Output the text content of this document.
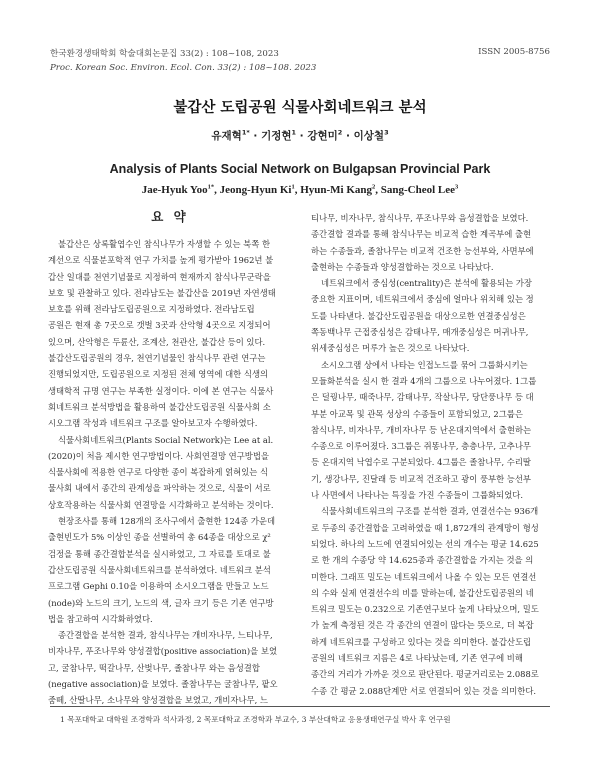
한국환경생태학회 학술대회논문집 33(2) : 108~108, 2023
Proc. Korean Soc. Environ. Ecol. Con. 33(2) : 108~108. 2023
ISSN 2005-8756
불갑산 도립공원 식물사회네트워크 분석
유재혁$^{1*}$ · 기정현$^1$ · 강현미$^2$ · 이상철$^3$
Analysis of Plants Social Network on Bulgapsan Provincial Park
Jae-Hyuk Yoo$^{1*}$, Jeong-Hyun Ki$^1$, Hyun-Mi Kang$^2$, Sang-Cheol Lee$^3$
요 약
불갑산은 상록활엽수인 참식나무가 자생할 수 있는 북쪽 한
계선으로 식물분포학적 연구 가치를 높게 평가받아 1962년 불
갑산 일대를 천연기념물로 지정하여 현재까지 참식나무군락을
보호 및 관찰하고 있다. 전라남도는 불갑산을 2019년 자연생태
보호를 위해 전라남도립공원으로 지정하였다. 전라남도립
공원은 현재 총 7곳으로 갯벌 3곳과 산악형 4곳으로 지정되어
있으며, 산악형은 두륜산, 조계산, 천관산, 불갑산 등이 있다.
불갑산도립공원의 경우, 천연기념물인 참식나무 관련 연구는
진행되었지만, 도립공원으로 지정된 전체 영역에 대한 식생의
생태학적 규명 연구는 부족한 실정이다. 이에 본 연구는 식물사
회네트워크 분석방법을 활용하여 불갑산도립공원 식물사회 소
시오그램 작성과 네트워크 구조를 알아보고자 수행하였다.
식물사회네트워크(Plants Social Network)는 Lee at al.
(2020)이 처음 제시한 연구방법이다. 사회연결망 연구방법을
식물사회에 적용한 연구로 다양한 종이 복잡하게 얽혀있는 식
물사회 내에서 종간의 관계성을 파악하는 것으로, 식물이 서로
상호작용하는 식물사회 연결망을 시각화하고 분석하는 것이다.
현장조사를 통해 128개의 조사구에서 출현한 124종 가운데
출현빈도가 5% 이상인 종을 선별하여 총 64종을 대상으로 χ²
검정을 통해 종간결합분석을 실시하였고, 그 자료를 토대로 불
갑산도립공원 식물사회네트워크를 분석하였다. 네트워크 분석
프로그램 Gephi 0.10을 이용하여 소시오그램을 만들고 노드
(node)와 노드의 크기, 노드의 색, 글자 크기 등은 기존 연구방
법을 참고하여 시각화하였다.
종간결합을 분석한 결과, 참식나무는 개비자나무, 느티나무,
비자나무, 푸조나무와 양성결합(positive association)을 보였
고, 굴참나무, 떡갈나무, 산벚나무, 졸참나무 와는 음성결합
(negative association)을 보였다. 졸참나무는 굴참나무, 팥오
줌떼, 산딸나무, 소나무와 양성결합을 보였고, 개비자나무, 느
티나무, 비자나무, 참식나무, 푸조나무와 음성결합을 보였다.
종간결합 결과를 통해 참식나무는 비교적 습한 계곡부에 출현
하는 수종들과, 졸참나무는 비교적 건조한 능선부와, 사면부에
출현하는 수종들과 양성결합하는 것으로 나타났다.
네트워크에서 중심성(centrality)은 분석에 활용되는 가장
중요한 지표이며, 네트워크에서 중심에 얼마나 위치해 있는 정
도를 나타낸다. 불갑산도립공원을 대상으로한 연결중심성은
쪽동백나무 근접중심성은 감태나무, 매개중심성은 머귀나무,
위세중심성은 머루가 높은 것으로 나타났다.
소시오그램 상에서 나타는 인접노드를 묶어 그룹화시키는
모듈화분석을 실시 한 결과 4개의 그룹으로 나누어졌다. 1그룹
은 덜꿩나무, 때죽나무, 감태나무, 작살나무, 당단풍나무 등 대
부분 아교목 및 관목 성상의 수종들이 포함되었고, 2그룹은
참식나무, 비자나무, 개비자나무 등 난온대지역에서 출현하는
수종으로 이루어졌다. 3그룹은 쥐똥나무, 층층나무, 고추나무
등 온대지역 낙엽수로 구분되었다. 4그룹은 졸참나무, 수리딸
기, 생강나무, 진달래 등 비교적 건조하고 광이 풍부한 능선부
나 사면에서 나타나는 특징을 가진 수종들이 그룹화되었다.
식물사회네트워크의 구조를 분석한 결과, 연결선수는 936개
로 두종의 종간결합을 고려하였을 때 1,872개의 관계망이 형성
되었다. 하나의 노드에 연결되어있는 선의 개수는 평균 14.625
로 한 개의 수종당 약 14.625종과 종간결합을 가지는 것을 의
미한다. 그래프 밀도는 네트워크에서 나올 수 있는 모든 연결선
의 수와 실제 연결선수의 비를 말하는데, 불갑산도립공원의 네
트워크 밀도는 0.232으로 기존연구보다 높게 나타났으며, 밀도
가 높게 측정된 것은 각 종간의 연결이 많다는 뜻으로, 더 복잡
하게 네트워크를 구성하고 있다는 것을 의미한다. 불갑산도립
공원의 네트워크 지름은 4로 나타났는데, 기존 연구에 비해
종간의 거리가 가까운 것으로 판단된다. 평균거리로는 2.088로
수종 간 평균 2.088단계만 서로 연결되어 있는 것을 의미한다.
1 목포대학교 대학원 조경학과 석사과정, 2 목포대학교 조경학과 부교수, 3 부산대학교 응용생태연구실 박사 후 연구원
